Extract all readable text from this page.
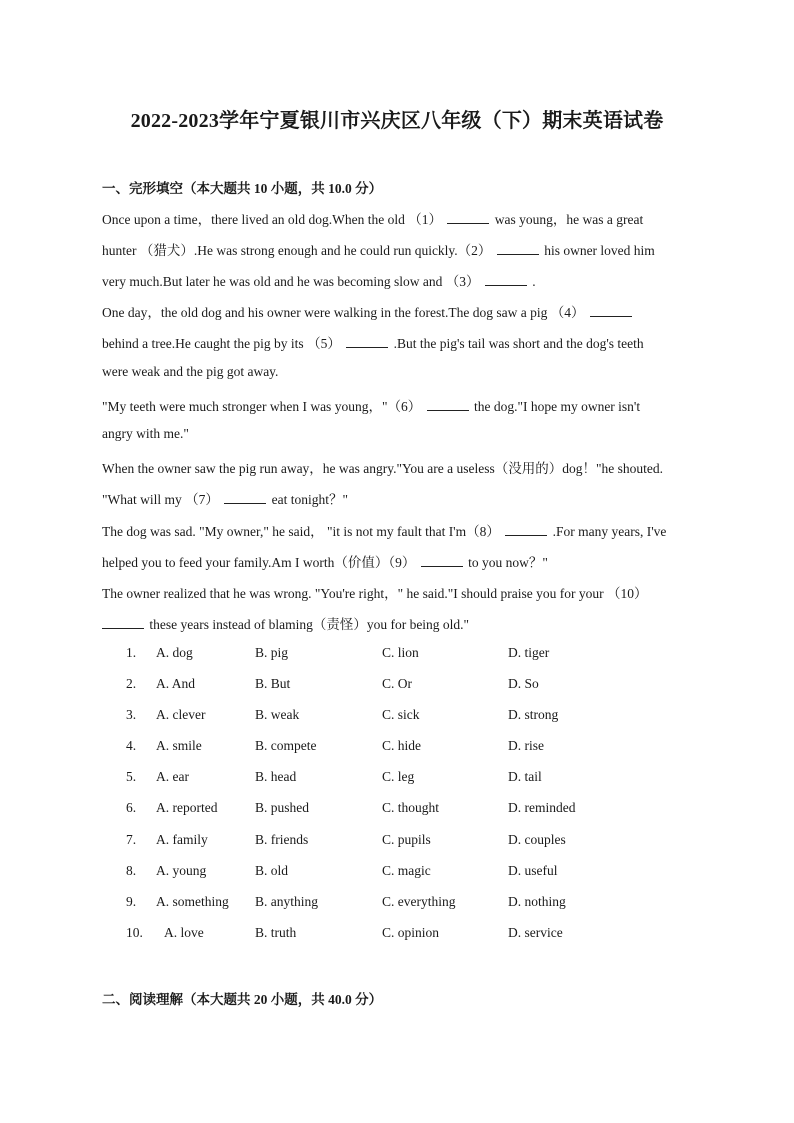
2022-2023学年宁夏银川市兴庆区八年级（下）期末英语试卷
一、完形填空（本大题共 10 小题，共 10.0 分）
Once upon a time，there lived an old dog.When the old （1）	was young，he was a great
hunter （猎犬）.He was strong enough and he could run quickly.（2）	his owner loved him
very much.But later he was old and he was becoming slow and （3）	.
One day，the old dog and his owner were walking in the forest.The dog saw a pig （4）
behind a tree.He caught the pig by its （5）	.But the pig's tail was short and the dog's teeth
were weak and the pig got away.
"My teeth were much stronger when I was young，"（6）	the dog."I hope my owner isn't
angry with me."
When the owner saw the pig run away，he was angry."You are a useless（没用的）dog！"he shouted.
"What will my （7）	eat tonight？"
The dog was sad. "My owner," he said， "it is not my fault that I'm（8）	.For many years, I've
helped you to feed your family.Am I worth（价值）（9）	to you now？"
The owner realized that he was wrong. "You're right，" he said."I should praise you for your （10）
these years instead of blaming（责怪）you for being old."
1. A. dog	B. pig	C. lion	D. tiger
2. A. And	B. But	C. Or	D. So
3. A. clever	B. weak	C. sick	D. strong
4. A. smile	B. compete	C. hide	D. rise
5. A. ear	B. head	C. leg	D. tail
6. A. reported	B. pushed	C. thought	D. reminded
7. A. family	B. friends	C. pupils	D. couples
8. A. young	B. old	C. magic	D. useful
9. A. something B. anything	C. everything	D. nothing
10. A. love	B. truth	C. opinion	D. service
二、阅读理解（本大题共 20 小题，共 40.0 分）
